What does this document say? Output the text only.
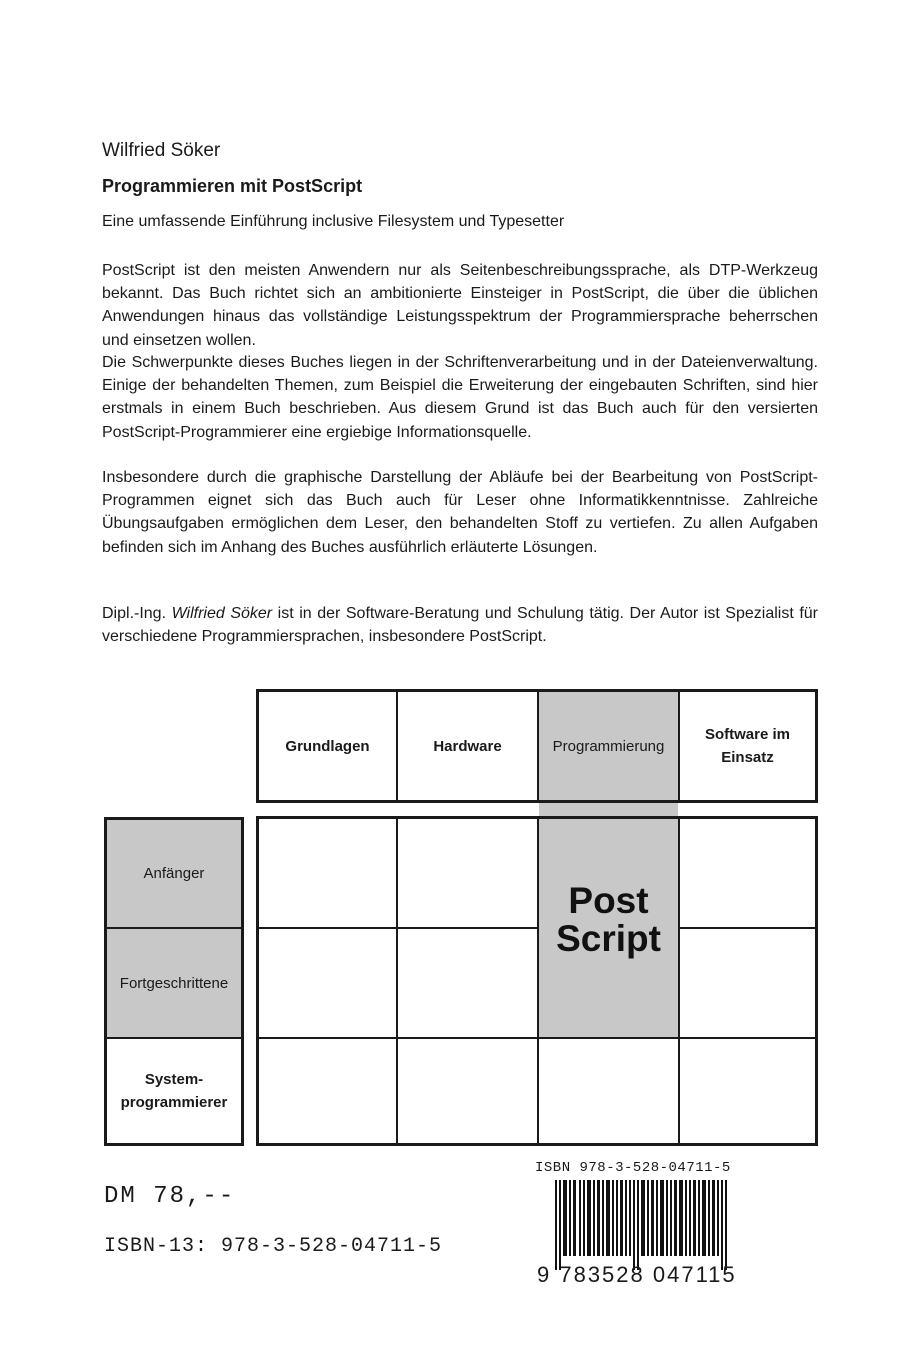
Wilfried Söker
Programmieren mit PostScript
Eine umfassende Einführung inclusive Filesystem und Typesetter

PostScript ist den meisten Anwendern nur als Seitenbeschreibungssprache, als DTP-Werkzeug bekannt. Das Buch richtet sich an ambitionierte Einsteiger in PostScript, die über die üblichen Anwendungen hinaus das vollständige Leistungsspektrum der Programmiersprache beherrschen und einsetzen wollen.

Die Schwerpunkte dieses Buches liegen in der Schriftenverarbeitung und in der Dateienverwaltung. Einige der behandelten Themen, zum Beispiel die Erweiterung der eingebauten Schriften, sind hier erstmals in einem Buch beschrieben. Aus diesem Grund ist das Buch auch für den versierten PostScript-Programmierer eine ergiebige Informationsquelle.

Insbesondere durch die graphische Darstellung der Abläufe bei der Bearbeitung von PostScript-Programmen eignet sich das Buch auch für Leser ohne Informatikkenntnisse. Zahlreiche Übungsaufgaben ermöglichen dem Leser, den behandelten Stoff zu vertiefen. Zu allen Aufgaben befinden sich im Anhang des Buches ausführlich erläuterte Lösungen.

Dipl.-Ing. Wilfried Söker ist in der Software-Beratung und Schulung tätig. Der Autor ist Spezialist für verschiedene Programmiersprachen, insbesondere PostScript.

Grundlagen	Hardware	Programmierung
Software im Einsatz
Anfänger
Fortgeschrittene
System-programmierer
Post
Script
DM 78,--
ISBN-13: 978-3-528-04711-5
ISBN 978-3-528-04711-5
9 783528 047115
